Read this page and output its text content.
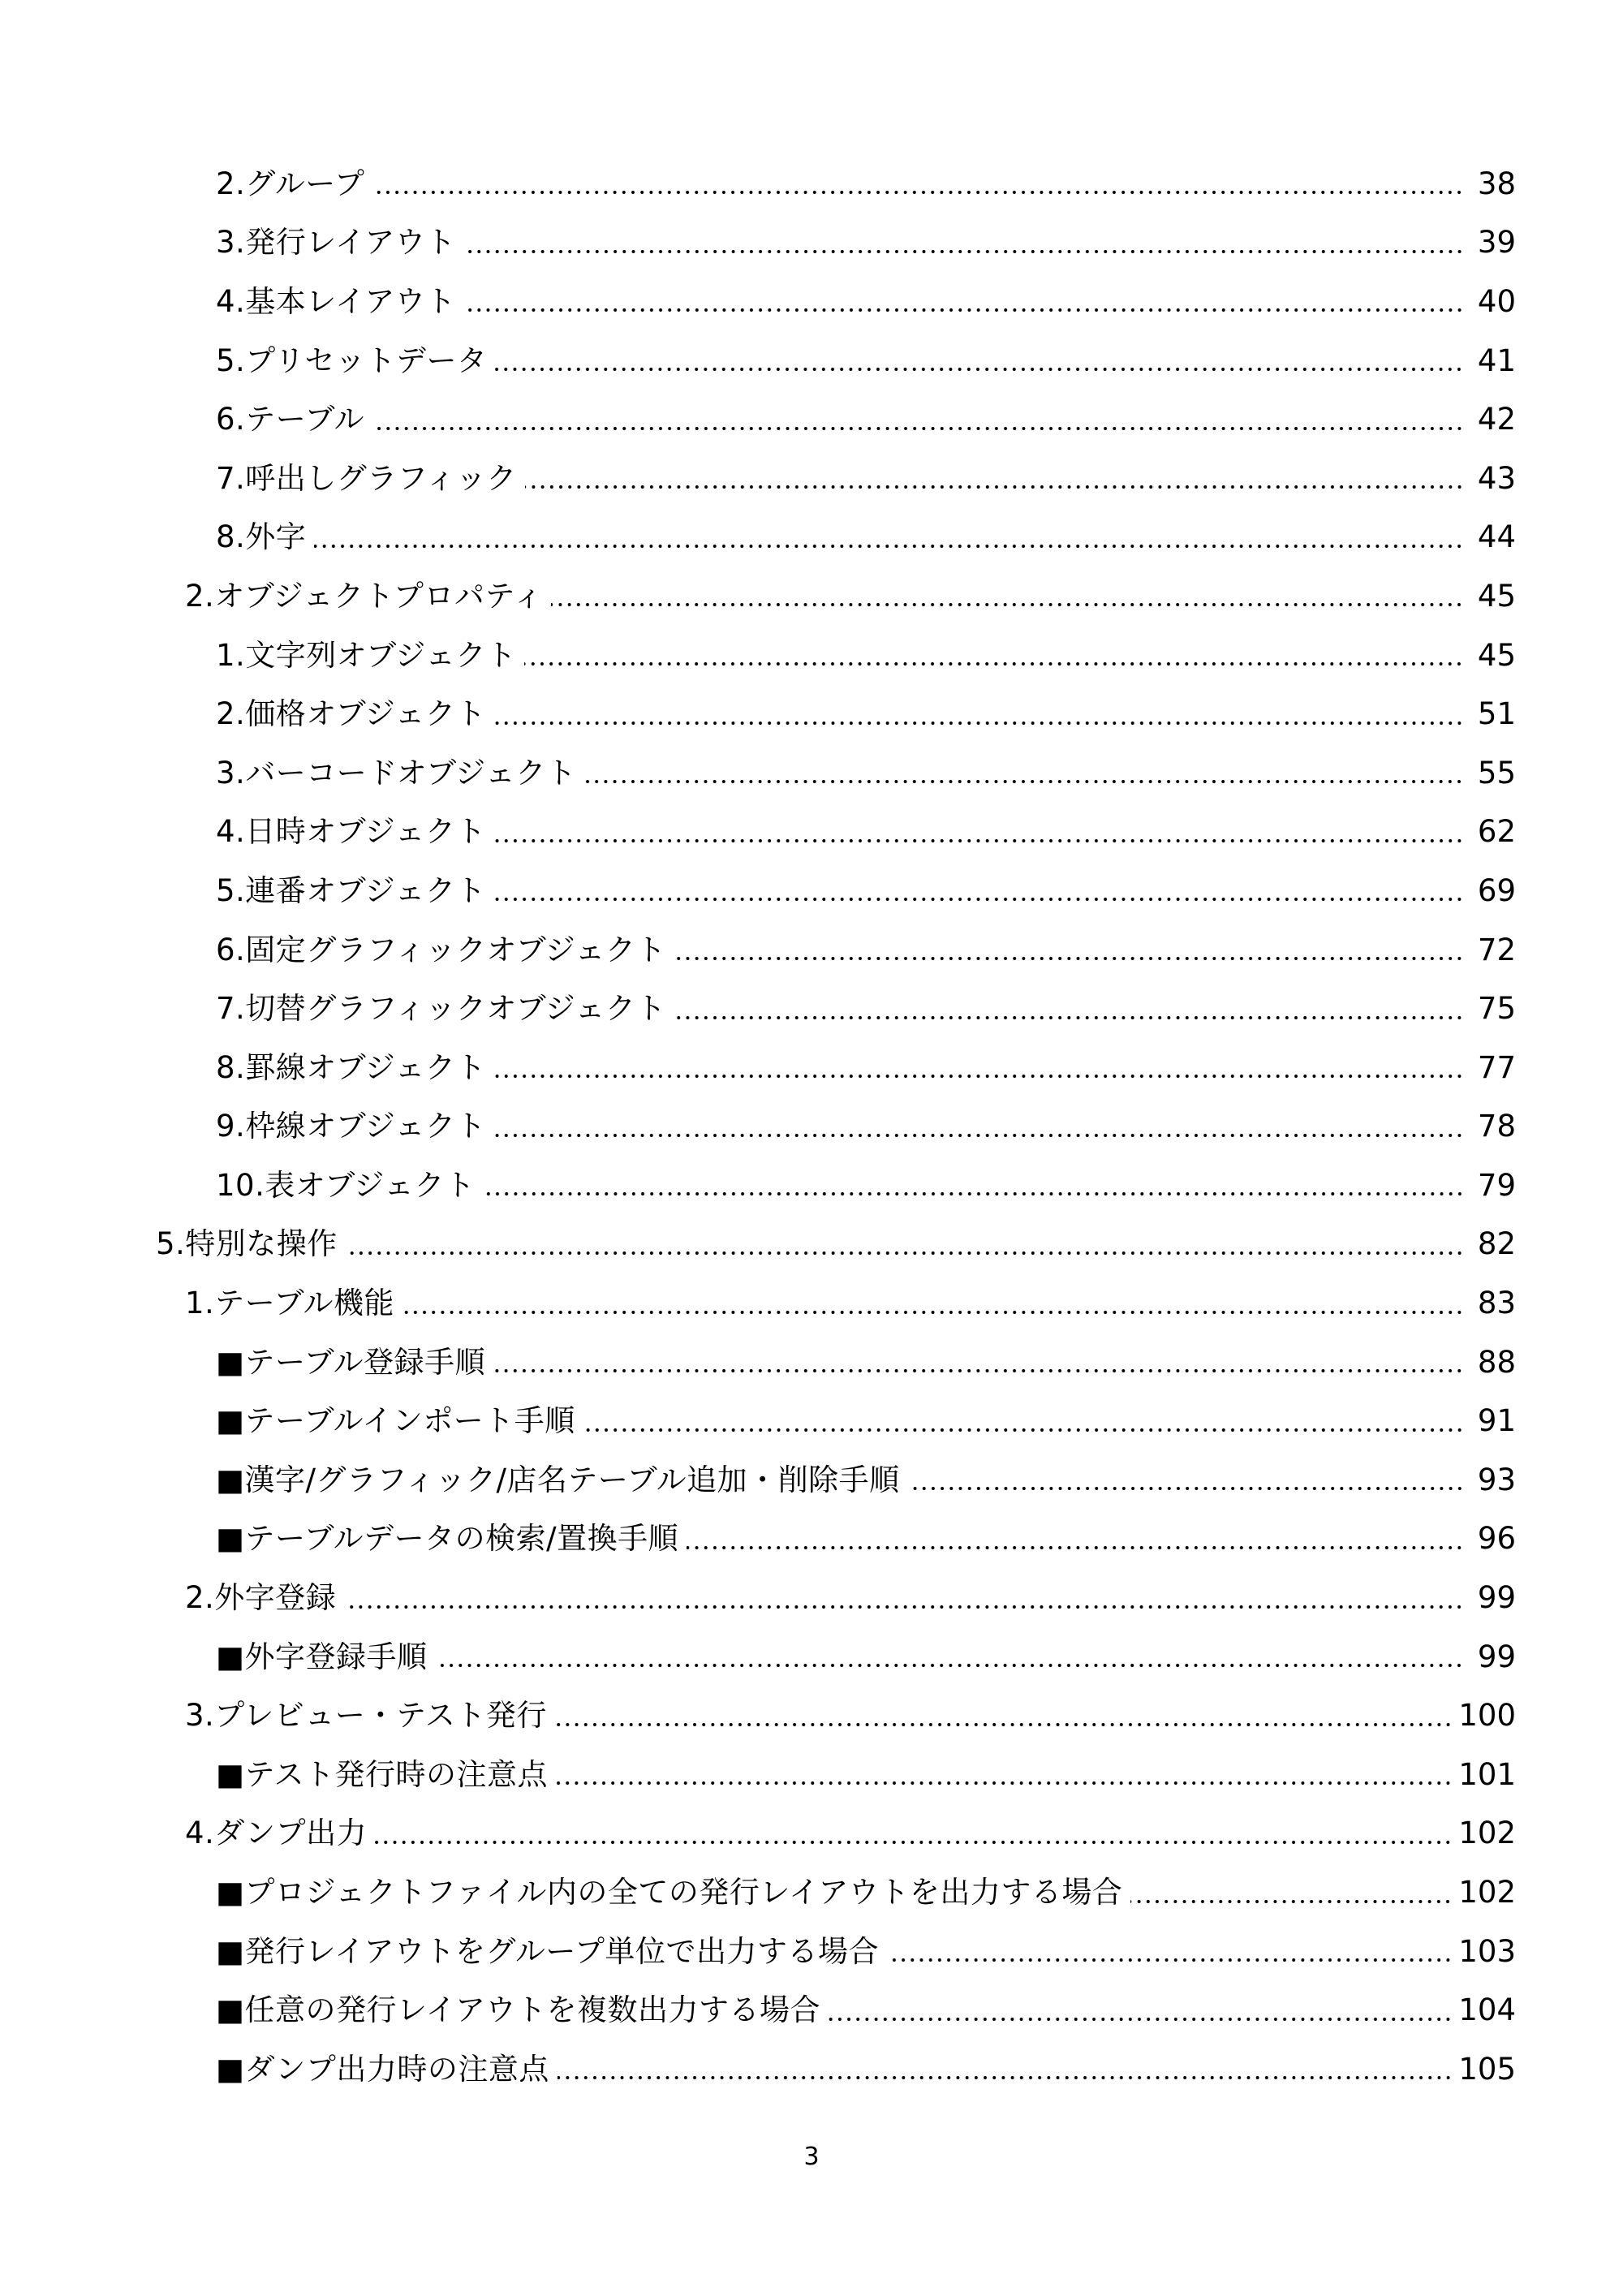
2.グループ	38
3.発行レイアウト	39
4.基本レイアウト	40
5.プリセットデータ	41
6.テーブル	42
7.呼出しグラフィック	43
8.外字	44
2.オブジェクトプロパティ	45
1.文字列オブジェクト	45
2.価格オブジェクト	51
3.バーコードオブジェクト	55
4.日時オブジェクト	62
5.連番オブジェクト	69
6.固定グラフィックオブジェクト	72
7.切替グラフィックオブジェクト	75
8.罫線オブジェクト	77
9.枠線オブジェクト	78
10.表オブジェクト	79
5.特別な操作	82
1.テーブル機能	83
■テーブル登録手順	88
■テーブルインポート手順	91
■漢字/グラフィック/店名テーブル追加・削除手順	93
■テーブルデータの検索/置換手順	96
2.外字登録	99
■外字登録手順	99
3.プレビュー・テスト発行	100
■テスト発行時の注意点	101
4.ダンプ出力	102
■プロジェクトファイル内の全ての発行レイアウトを出力する場合	102
■発行レイアウトをグループ単位で出力する場合	103
■任意の発行レイアウトを複数出力する場合	104
■ダンプ出力時の注意点	105
3
